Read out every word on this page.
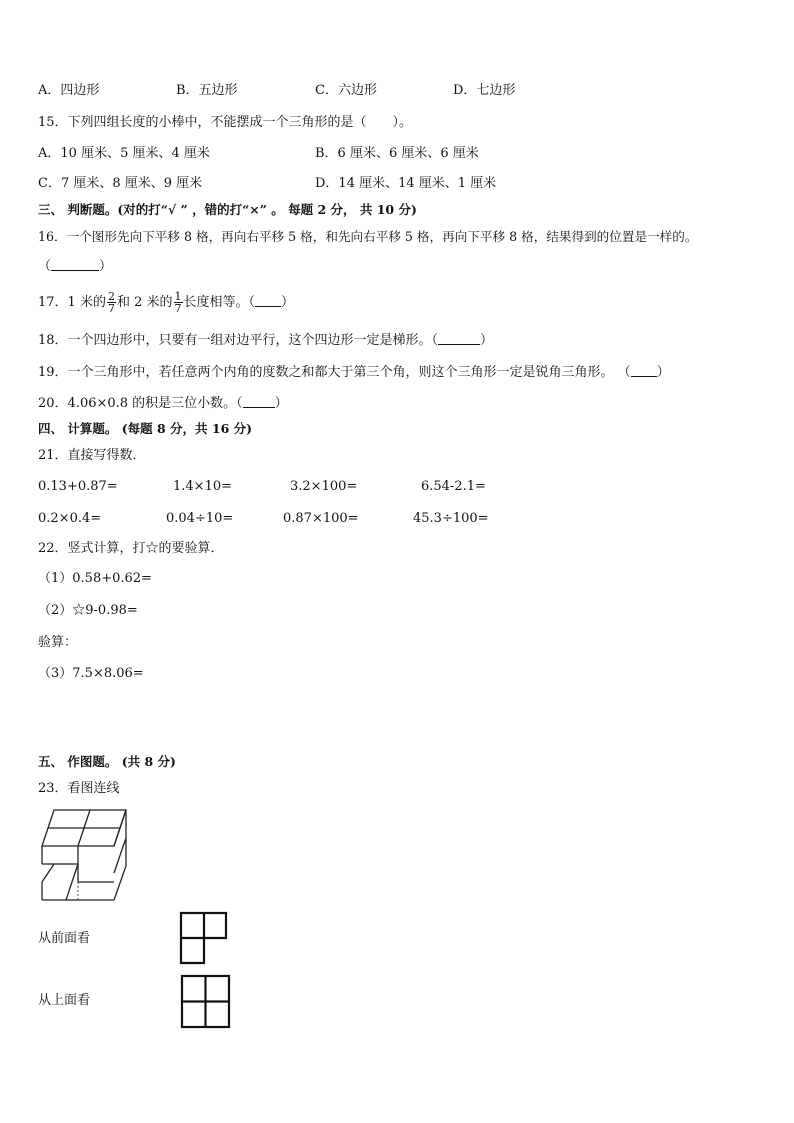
A．四边形	B．五边形	C．六边形	D．七边形
15．下列四组长度的小棒中，不能摆成一个三角形的是（　　）。
A．10 厘米、5 厘米、4 厘米	B．6 厘米、6 厘米、6 厘米
C．7 厘米、8 厘米、9 厘米	D．14 厘米、14 厘米、1 厘米
三、 判断题。(对的打“√ ” ，错的打“×” 。 每题 2 分， 共 10 分)
16．一个图形先向下平移 8 格，再向右平移 5 格，和先向右平移 5 格，再向下平移 8 格，结果得到的位置是一样的。
（	）
17．1 米的 $\frac{2}{7}$ 和 2 米的 $\frac{1}{7}$ 长度相等。（ ）
18．一个四边形中，只要有一组对边平行，这个四边形一定是梯形。（	）
19．一个三角形中，若任意两个内角的度数之和都大于第三个角，则这个三角形一定是锐角三角形。 （ ）
20．4.06×0.8 的积是三位小数。（ ）
四、 计算题。 (每题 8 分，共 16 分)
21．直接写得数．
0.13+0.87=	1.4×10=	3.2×100=	6.54-2.1=
0.2×0.4=	0.04÷10=	0.87×100=	45.3÷100=
22．竖式计算，打☆的要验算．
（1）0.58+0.62=
（2）☆9-0.98=
验算：
（3）7.5×8.06=
五、 作图题。 (共 8 分)
23．看图连线
从前面看
从上面看
